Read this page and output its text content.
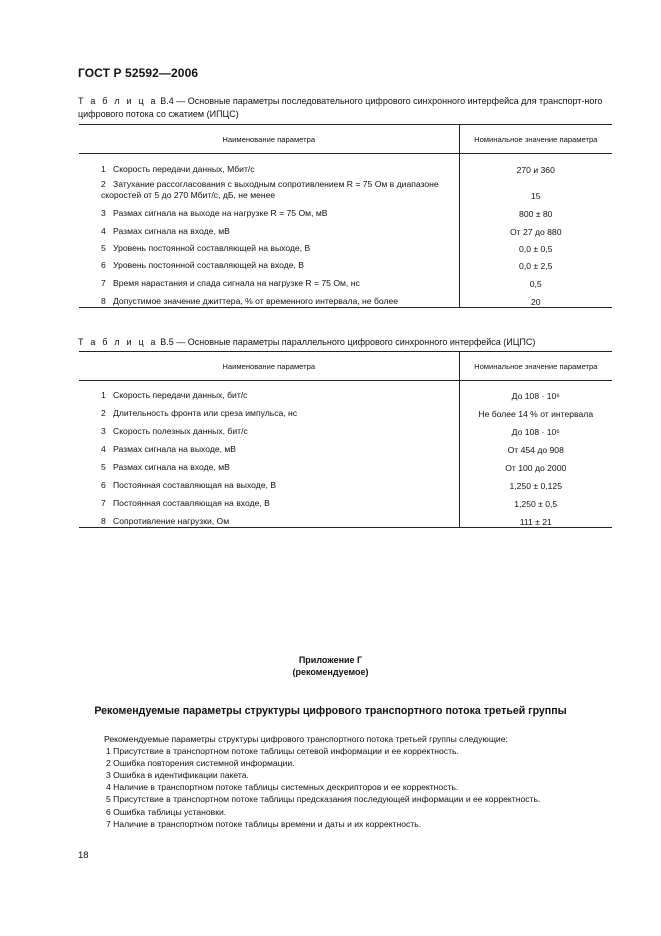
ГОСТ Р 52592—2006
Т а б л и ц а В.4 — Основные параметры последовательного цифрового синхронного интерфейса для транспорт-ного цифрового потока со сжатием (ИПЦС)
Наименование параметра	Номинальное значение параметра
1 Скорость передачи данных, Мбит/с	270 и 360
2 Затухание рассогласования с выходным сопротивлением R = 75 Ом в диапазоне скоростей от 5 до 270 Мбит/с, дБ, не менее	15
3 Размах сигнала на выходе на нагрузке R = 75 Ом, мВ	800 ± 80
4 Размах сигнала на входе, мВ	От 27 до 880
5 Уровень постоянной составляющей на выходе, В	0,0 ± 0,5
6 Уровень постоянной составляющей на входе, В	0,0 ± 2,5
7 Время нарастания и спада сигнала на нагрузке R = 75 Ом, нс	0,5
8 Допустимое значение джиттера, % от временного интервала, не более	20
Т а б л и ц а В.5 — Основные параметры параллельного цифрового синхронного интерфейса (ИЦПС)
Наименование параметра	Номинальное значение параметра
1 Скорость передачи данных, бит/с	До 108 · 10⁶
2 Длительность фронта или среза импульса, нс	Не более 14 % от интервала
3 Скорость полезных данных, бит/с	До 108 · 10⁶
4 Размах сигнала на выходе, мВ	От 454 до 908
5 Размах сигнала на входе, мВ	От 100 до 2000
6 Постоянная составляющая на выходе, В	1,250 ± 0,125
7 Постоянная составляющая на входе, В	1,250 ± 0,5
8 Сопротивление нагрузки, Ом	111 ± 21
Приложение Г
(рекомендуемое)
Рекомендуемые параметры структуры цифрового транспортного потока третьей группы
Рекомендуемые параметры структуры цифрового транспортного потока третьей группы следующие:
1 Присутствие в транспортном потоке таблицы сетевой информации и ее корректность.
2 Ошибка повторения системной информации.
3 Ошибка в идентификации пакета.
4 Наличие в транспортном потоке таблицы системных дескрипторов и ее корректность.
5 Присутствие в транспортном потоке таблицы предсказания последующей информации и ее корректность.
6 Ошибка таблицы установки.
7 Наличие в транспортном потоке таблицы времени и даты и их корректность.
18
